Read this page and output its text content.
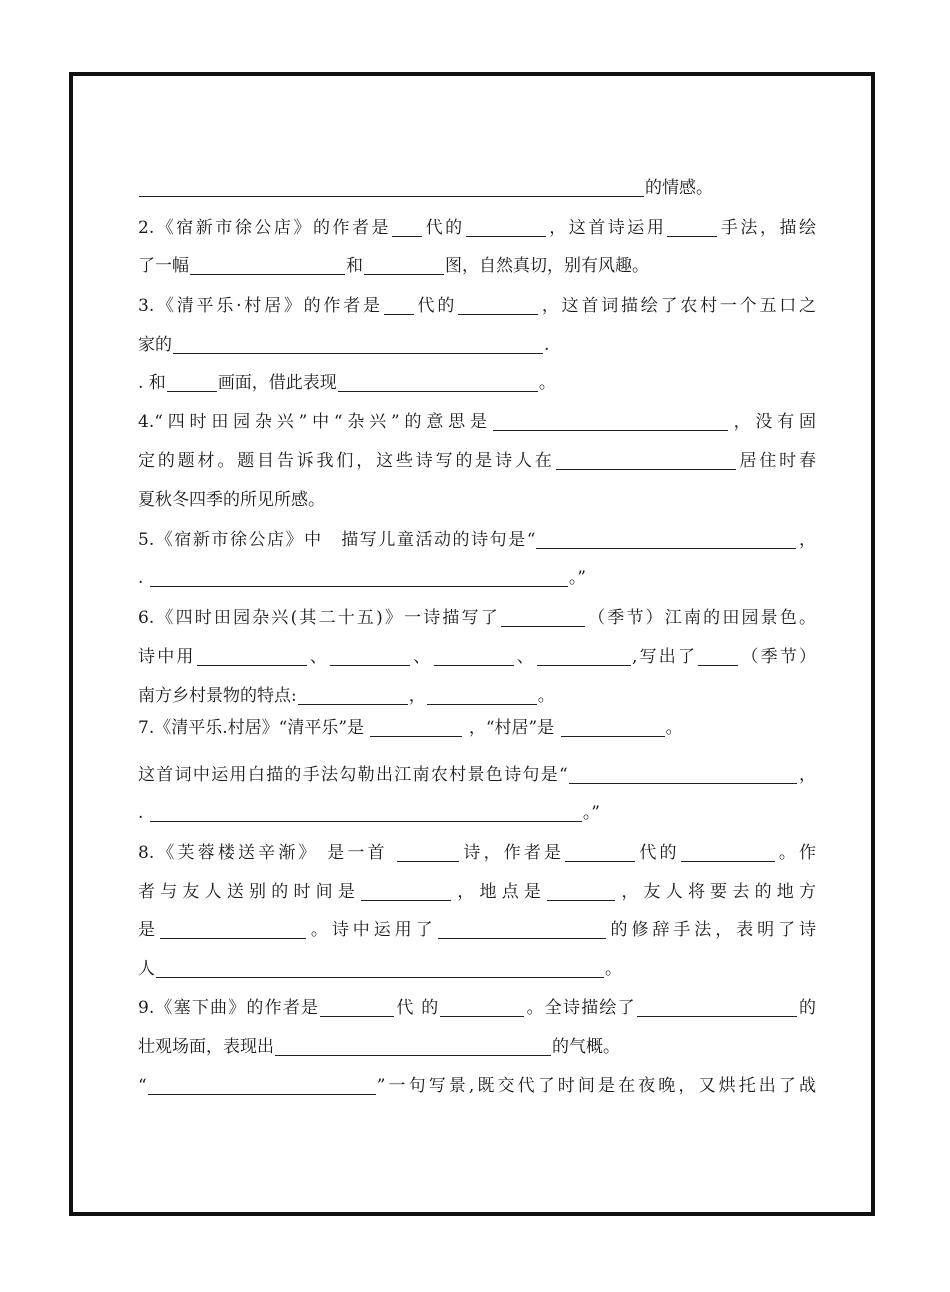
的情感。
2.《宿新市徐公店》的作者是 代的	，这首诗运用	手法，描绘
了一幅	和	图，自然真切，别有风趣。
3.《清平乐·村居》的作者是 代的	，这首词描绘了农村一个五口之
家的	.
. 和	画面，借此表现	。
4.“四时田园杂兴”中“杂兴”的意思是	，没有固
定的题材。题目告诉我们，这些诗写的是诗人在	居住时春
夏秋冬四季的所见所感。
5.《宿新市徐公店》中　描写儿童活动的诗句是“	，
.	。”
6.《四时田园杂兴(其二十五)》一诗描写了	（季节）江南的田园景色。
诗中用	、	、	、	,写出了 （季节）
南方乡村景物的特点:	，	。
7.《清平乐.村居》“清平乐”是	，“村居”是	。
这首词中运用白描的手法勾勒出江南农村景色诗句是“	，
.	。”
8.《芙蓉楼送辛渐》 是一首	诗，作者是	代的	。作
者与友人送别的时间是	，地点是	，友人将要去的地方
是	。诗中运用了	的修辞手法，表明了诗
人	。
9.《塞下曲》的作者是	代 的	。全诗描绘了	的
壮观场面，表现出	的气概。
“	”一句写景,既交代了时间是在夜晚，又烘托出了战
